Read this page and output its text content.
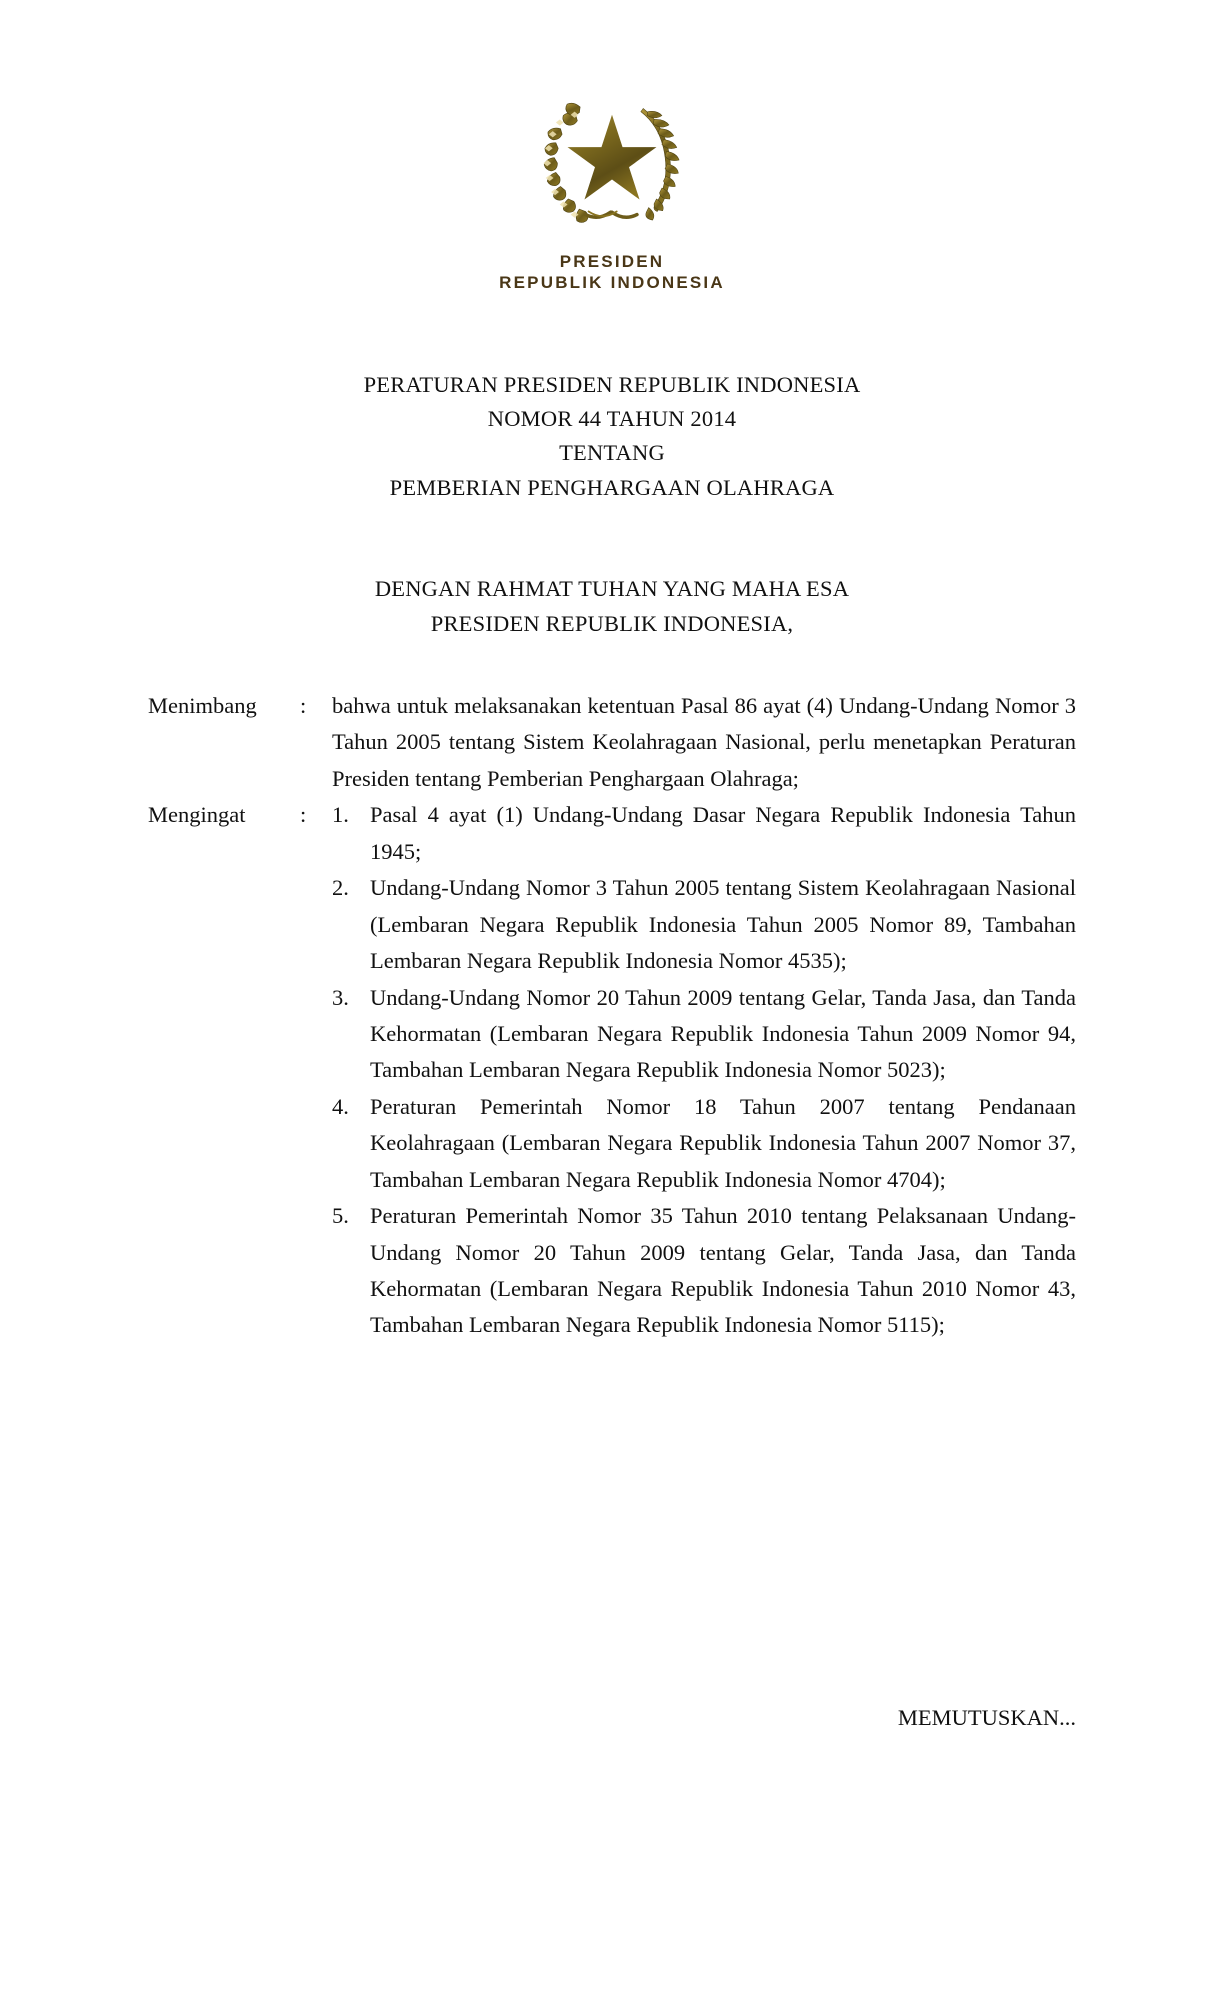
PRESIDEN
REPUBLIK INDONESIA
PERATURAN PRESIDEN REPUBLIK INDONESIA
NOMOR 44 TAHUN 2014
TENTANG
PEMBERIAN PENGHARGAAN OLAHRAGA
DENGAN RAHMAT TUHAN YANG MAHA ESA
PRESIDEN REPUBLIK INDONESIA,
Menimbang	:	bahwa untuk melaksanakan ketentuan Pasal 86 ayat (4) Undang-Undang Nomor 3 Tahun 2005 tentang Sistem Keolahragaan Nasional, perlu menetapkan Peraturan Presiden tentang Pemberian Penghargaan Olahraga;

Mengingat	:	1. Pasal 4 ayat (1) Undang-Undang Dasar Negara Republik Indonesia Tahun 1945;
2. Undang-Undang Nomor 3 Tahun 2005 tentang Sistem Keolahragaan Nasional (Lembaran Negara Republik Indonesia Tahun 2005 Nomor 89, Tambahan Lembaran Negara Republik Indonesia Nomor 4535);
3. Undang-Undang Nomor 20 Tahun 2009 tentang Gelar, Tanda Jasa, dan Tanda Kehormatan (Lembaran Negara Republik Indonesia Tahun 2009 Nomor 94, Tambahan Lembaran Negara Republik Indonesia Nomor 5023);
4. Peraturan Pemerintah Nomor 18 Tahun 2007 tentang Pendanaan Keolahragaan (Lembaran Negara Republik Indonesia Tahun 2007 Nomor 37, Tambahan Lembaran Negara Republik Indonesia Nomor 4704);
5. Peraturan Pemerintah Nomor 35 Tahun 2010 tentang Pelaksanaan Undang-Undang Nomor 20 Tahun 2009 tentang Gelar, Tanda Jasa, dan Tanda Kehormatan (Lembaran Negara Republik Indonesia Tahun 2010 Nomor 43, Tambahan Lembaran Negara Republik Indonesia Nomor 5115);
MEMUTUSKAN...
